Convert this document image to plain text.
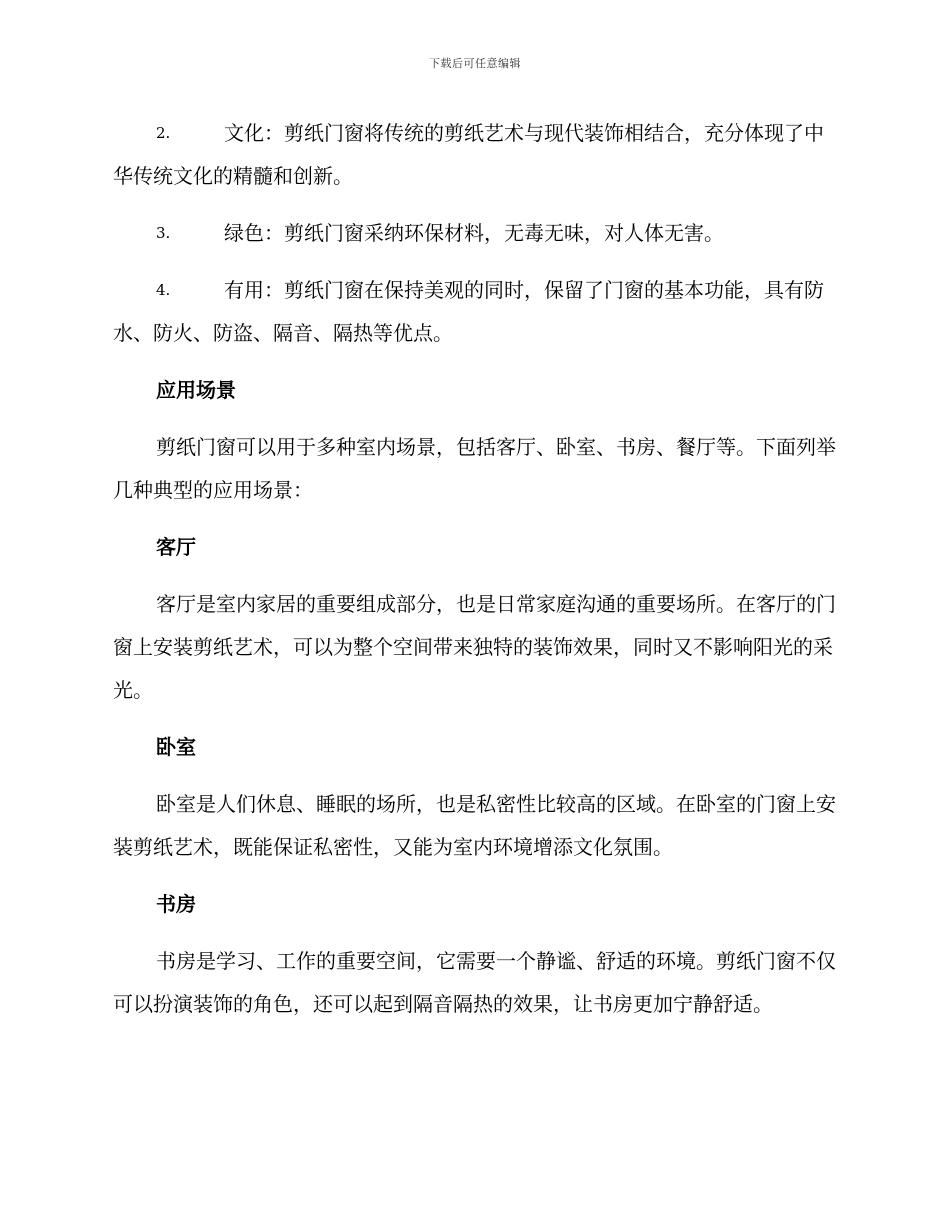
下载后可任意编辑
2.	文化：剪纸门窗将传统的剪纸艺术与现代装饰相结合，充分体现了中华传统文化的精髓和创新。
3.	绿色：剪纸门窗采纳环保材料，无毒无味，对人体无害。
4.	有用：剪纸门窗在保持美观的同时，保留了门窗的基本功能，具有防水、防火、防盗、隔音、隔热等优点。
应用场景
剪纸门窗可以用于多种室内场景，包括客厅、卧室、书房、餐厅等。下面列举几种典型的应用场景：
客厅
客厅是室内家居的重要组成部分，也是日常家庭沟通的重要场所。在客厅的门窗上安装剪纸艺术，可以为整个空间带来独特的装饰效果，同时又不影响阳光的采光。
卧室
卧室是人们休息、睡眠的场所，也是私密性比较高的区域。在卧室的门窗上安装剪纸艺术，既能保证私密性，又能为室内环境增添文化氛围。
书房
书房是学习、工作的重要空间，它需要一个静谧、舒适的环境。剪纸门窗不仅可以扮演装饰的角色，还可以起到隔音隔热的效果，让书房更加宁静舒适。
